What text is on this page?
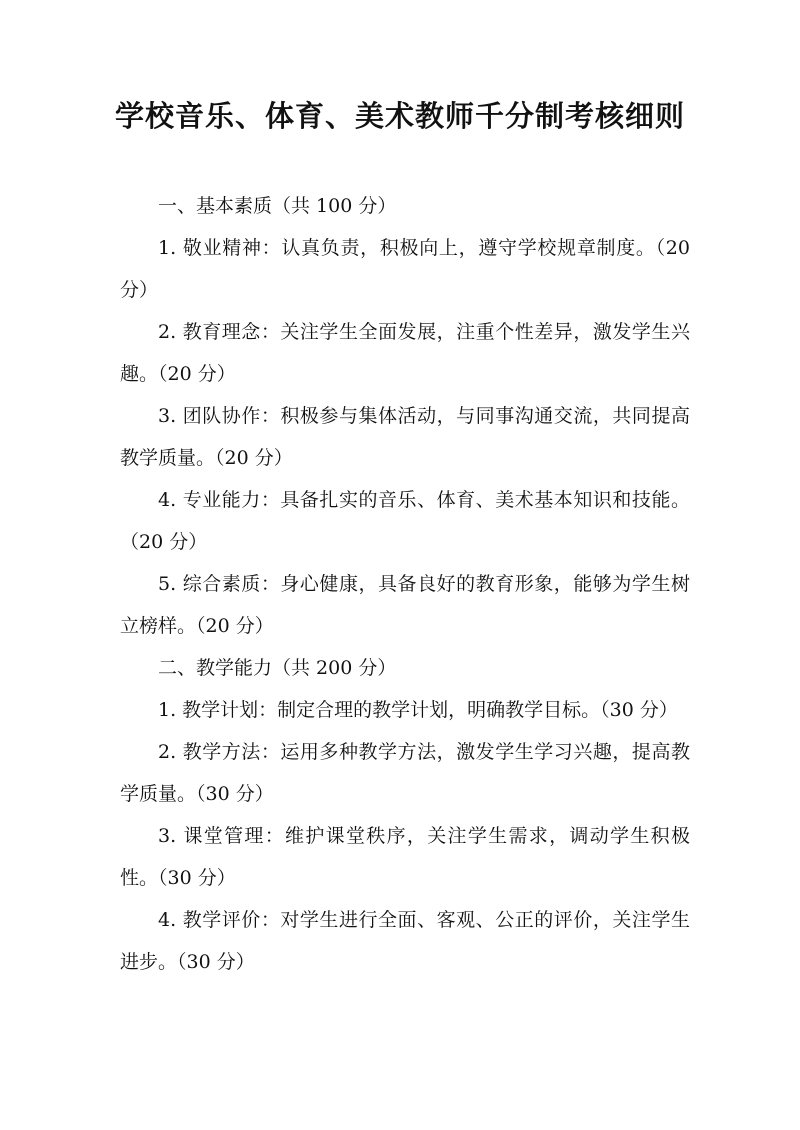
学校音乐、体育、美术教师千分制考核细则

一、基本素质（共 100 分）

1. 敬业精神：认真负责，积极向上，遵守学校规章制度。（20 分）

2. 教育理念：关注学生全面发展，注重个性差异，激发学生兴趣。（20 分）

3. 团队协作：积极参与集体活动，与同事沟通交流，共同提高教学质量。（20 分）

4. 专业能力：具备扎实的音乐、体育、美术基本知识和技能。（20 分）

5. 综合素质：身心健康，具备良好的教育形象，能够为学生树立榜样。（20 分）

二、教学能力（共 200 分）

1. 教学计划：制定合理的教学计划，明确教学目标。（30 分）

2. 教学方法：运用多种教学方法，激发学生学习兴趣，提高教学质量。（30 分）

3. 课堂管理：维护课堂秩序，关注学生需求，调动学生积极性。（30 分）

4. 教学评价：对学生进行全面、客观、公正的评价，关注学生进步。（30 分）
